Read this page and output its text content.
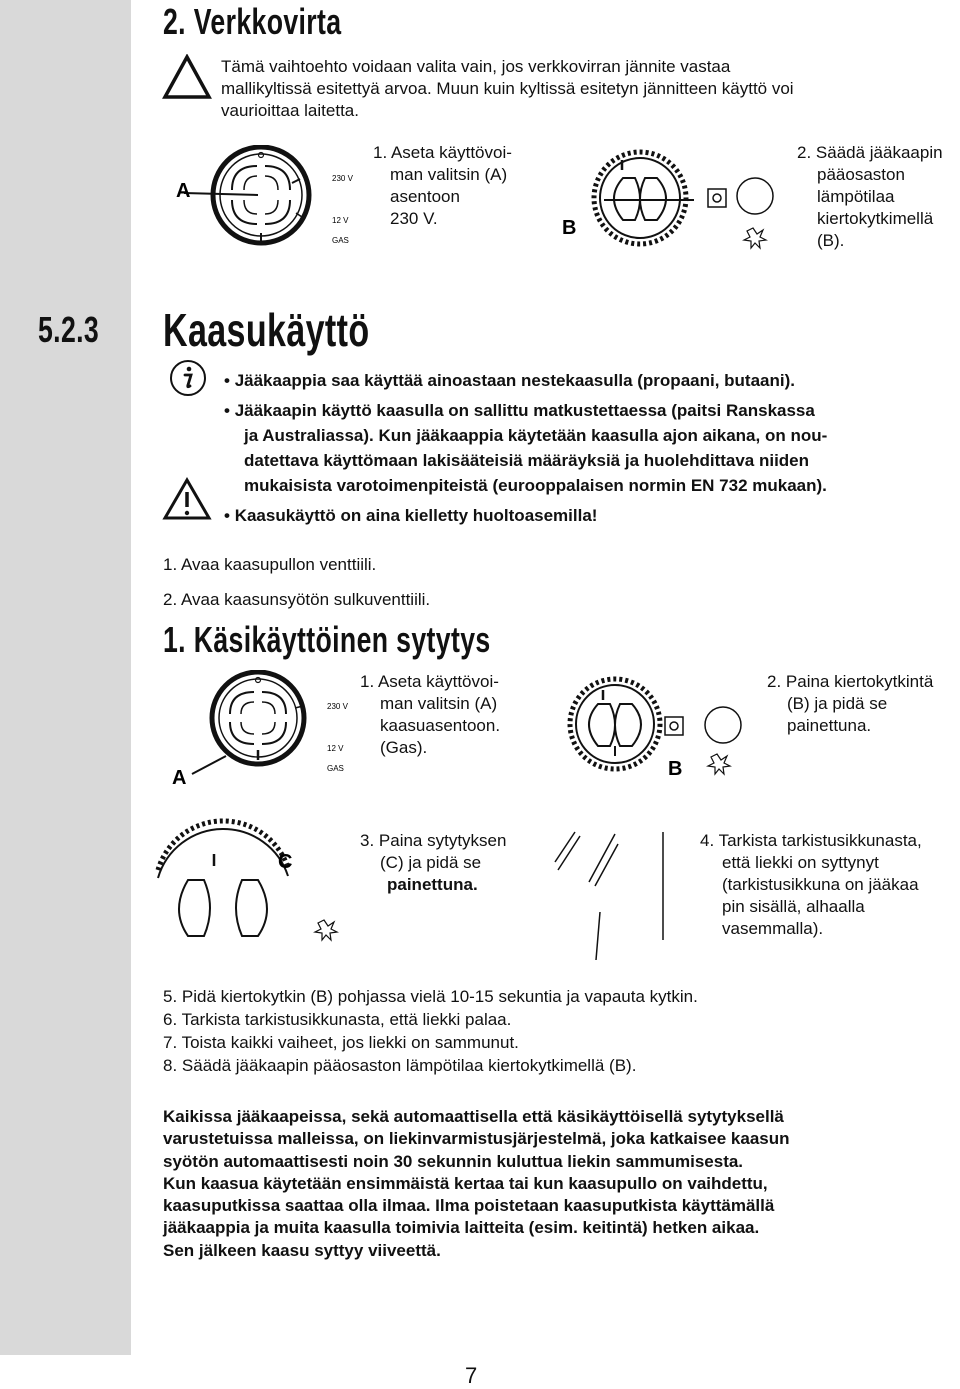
2. Verkkovirta
Tämä vaihtoehto voidaan valita vain, jos verkkovirran jännite vastaa
mallikyltissä esitettyä arvoa. Muun kuin kyltissä esitetyn jännitteen käyttö voi
vaurioittaa laitetta.
A
230 V
12 V
GAS
1. Aseta käyttövoi-
man valitsin (A)
asentoon
230 V.	B
2. Säädä jääkaapin
pääosaston
lämpötilaa
kiertokytkimellä
(B).
5.2.3 Kaasukäyttö
• Jääkaappia saa käyttää ainoastaan nestekaasulla (propaani, butaani).
• Jääkaapin käyttö kaasulla on sallittu matkustettaessa (paitsi Ranskassa
ja Australiassa). Kun jääkaappia käytetään kaasulla ajon aikana, on nou-
datettava käyttömaan lakisääteisiä määräyksiä ja huolehdittava niiden
mukaisista varotoimenpiteistä (eurooppalaisen normin EN 732 mukaan).
• Kaasukäyttö on aina kielletty huoltoasemilla!
1. Avaa kaasupullon venttiili.
2. Avaa kaasunsyötön sulkuventtiili.
1. Käsikäyttöinen sytytys
A
230 V
12 V
GAS
1. Aseta käyttövoi-
man valitsin (A)
kaasuasentoon.
(Gas).
B
2. Paina kiertokytkintä
(B) ja pidä se
painettuna.
C
3. Paina sytytyksen
(C) ja pidä se
painettuna.
4. Tarkista tarkistusikkunasta,
että liekki on syttynyt
(tarkistusikkuna on jääkaa
pin sisällä, alhaalla
vasemmalla).
5. Pidä kiertokytkin (B) pohjassa vielä 10-15 sekuntia ja vapauta kytkin.
6. Tarkista tarkistusikkunasta, että liekki palaa.
7. Toista kaikki vaiheet, jos liekki on sammunut.
8. Säädä jääkaapin pääosaston lämpötilaa kiertokytkimellä (B).
Kaikissa jääkaapeissa, sekä automaattisella että käsikäyttöisellä sytytyksellä
varustetuissa malleissa, on liekinvarmistusjärjestelmä, joka katkaisee kaasun
syötön automaattisesti noin 30 sekunnin kuluttua liekin sammumisesta.
Kun kaasua käytetään ensimmäistä kertaa tai kun kaasupullo on vaihdettu,
kaasuputkissa saattaa olla ilmaa. Ilma poistetaan kaasuputkista käyttämällä
jääkaappia ja muita kaasulla toimivia laitteita (esim. keitintä) hetken aikaa.
Sen jälkeen kaasu syttyy viiveettä.
7
